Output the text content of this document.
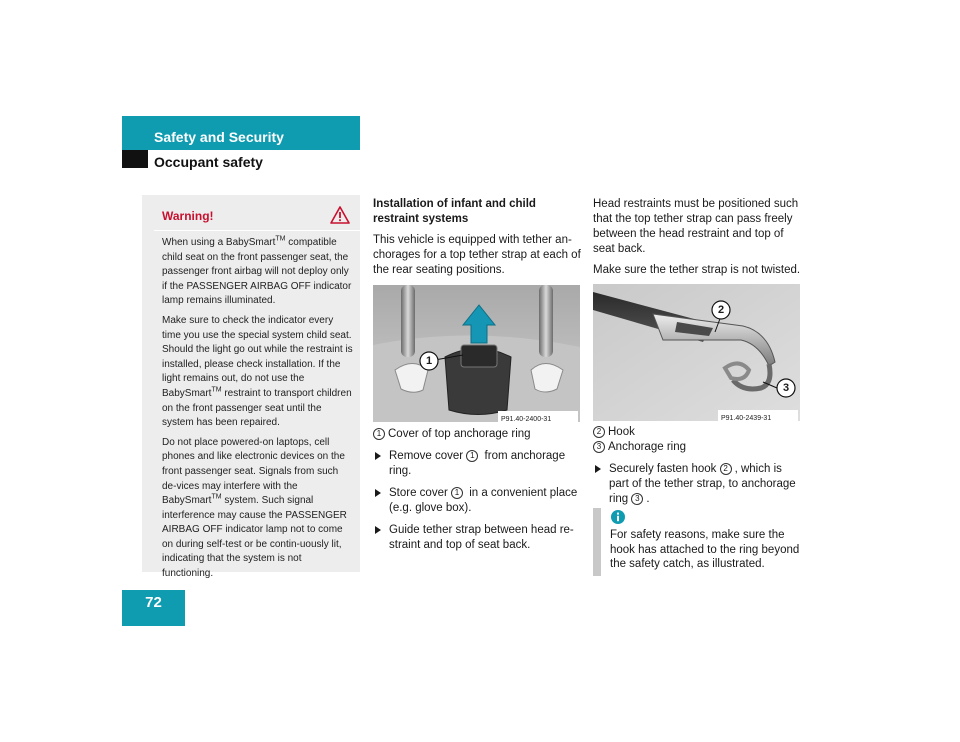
Safety and Security
Occupant safety
Warning!

When using a BabySmart™ compatible child seat on the front passenger seat, the passenger front airbag will not deploy only if the PASSENGER AIRBAG OFF indicator lamp remains illuminated.

Make sure to check the indicator every time you use the special system child seat. Should the light go out while the restraint is installed, please check installation. If the light remains out, do not use the BabySmart™ restraint to transport children on the front passenger seat until the system has been repaired.

Do not place powered-on laptops, cell phones and like electronic devices on the front passenger seat. Signals from such de-vices may interfere with the BabySmart™ system. Such signal interference may cause the PASSENGER AIRBAG OFF indicator lamp not to come on during self-test or be contin-uously lit, indicating that the system is not functioning.

Installation of infant and child restraint systems

This vehicle is equipped with tether an-chorages for a top tether strap at each of the rear seating positions.

1
P91.40-2400-31
1 Cover of top anchorage ring
Remove cover 1 from anchorage ring.
Store cover 1 in a convenient place (e.g. glove box).
Guide tether strap between head re-straint and top of seat back.

Head restraints must be positioned such that the top tether strap can pass freely between the head restraint and top of seat back.

Make sure the tether strap is not twisted.

2
3
P91.40-2439-31
2 Hook
3 Anchorage ring
Securely fasten hook 2 , which is part of the tether strap, to anchorage ring 3 .
For safety reasons, make sure the hook has attached to the ring beyond the safety catch, as illustrated.
72
